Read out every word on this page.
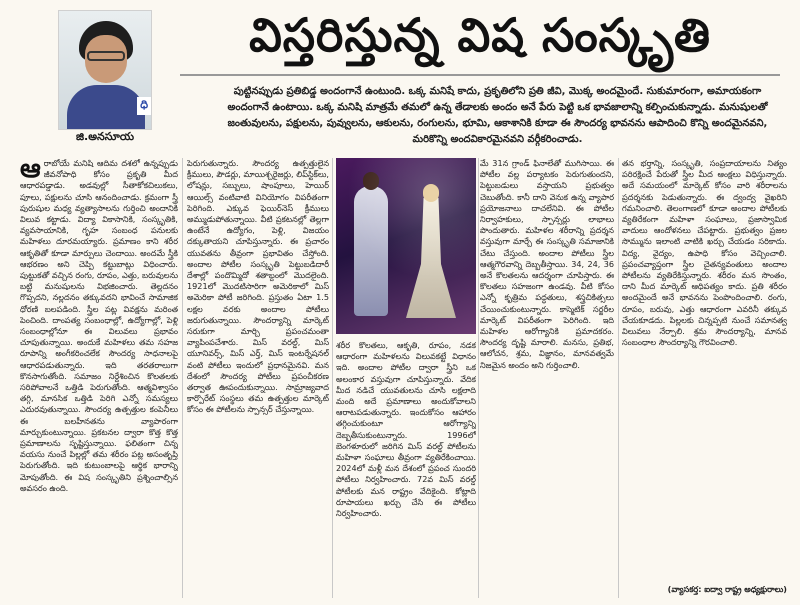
ధి
జి.అనసూయ
విస్తరిస్తున్న విష సంస్కృతి
పుట్టినప్పుడు ప్రతిబిడ్డ అందంగానే ఉంటుంది. ఒక్క మనిషే కాదు, ప్రకృతిలోని ప్రతి జీవి, మొక్క అందమైందే. సుకుమారంగా, అమాయకంగా అందంగానే ఉంటాయి. ఒక్క మనిషి మాత్రమే తమలో ఉన్న తేడాలకు అందం అనే పేరు పెట్టి ఒక భావజాలాన్ని కల్పించుకున్నాడు. మనుషులతో జంతువులను, పక్షులను, పువ్వులను, ఆకులను, రంగులను, భూమి, ఆకాశానికి కూడా ఈ సౌందర్య భావనను ఆపాదించి కొన్ని అందమైనవని, మరికొన్ని అందవికారమైనవని వర్గీకరించాడు.
ఆ రాబోయే మనిషి ఆదిమ దశలో ఉన్నప్పుడు జీవనోపాధి కోసం ప్రకృతి మీద ఆధారపడ్డాడు. అడవుల్లో సీతాకోకచిలుకలు, పూలు, పక్షులను చూసి ఆనందించాడు. క్రమంగా స్త్రీ పురుషుల మధ్య వ్యత్యాసాలను గుర్తించి అందానికి విలువ కట్టాడు. విద్యా వికాసానికి, సంస్కృతికి, వ్యవసాయానికి, గృహ సంబంధ పనులకు మహిళలు దూరమయ్యారు. ప్రమాణం కాని శరీర ఆకృతితో కూడా మార్పులు చెందాయి. అందమే స్త్రీకి ఆభరణం అని చెప్పి కట్టుబాట్లు విధించారు. పుట్టుకతో వచ్చిన రంగు, రూపం, ఎత్తు, బరువులను బట్టి మనుషులను విభజించారు. తెల్లదనం గొప్పదని, నల్లదనం తక్కువదని భావించే సామాజిక ధోరణి బలపడింది. స్త్రీల పట్ల వివక్షను మరింత పెంచింది. దాంపత్య సంబంధాల్లో, ఉద్యోగాల్లో, పెళ్లి సంబంధాల్లోనూ ఈ విలువలు ప్రభావం చూపుతున్నాయి. అందుకే మహిళలు తమ సహజ రూపాన్ని అంగీకరించలేక సౌందర్య సాధనాలపై ఆధారపడుతున్నారు. ఇది తరతరాలుగా కొనసాగుతోంది. సమాజం నిర్దేశించిన కొలతలకు సరిపోవాలనే ఒత్తిడి పెరుగుతోంది. ఆత్మవిశ్వాసం తగ్గి, మానసిక ఒత్తిడి పెరిగి ఎన్నో సమస్యలు ఎదురవుతున్నాయి. సౌందర్య ఉత్పత్తుల కంపెనీలు ఈ బలహీనతను వ్యాపారంగా మార్చుకుంటున్నాయి. ప్రకటనల ద్వారా కొత్త కొత్త ప్రమాణాలను సృష్టిస్తున్నాయి. ఫలితంగా చిన్న వయసు నుంచే పిల్లల్లో తమ శరీరం పట్ల అసంతృప్తి పెరుగుతోంది. ఇది కుటుంబాలపై ఆర్థిక భారాన్ని మోపుతోంది. ఈ విష సంస్కృతిని ప్రశ్నించాల్సిన అవసరం ఉంది.
పెరుగుతున్నారు. సౌందర్య ఉత్పత్తులైన క్రీములు, పౌడర్లు, మాయిశ్చరైజర్లు, లిప్‌స్టిక్‌లు, లోషన్లు, సబ్బులు, షాంపూలు, హెయిర్‌ ఆయిల్స్‌ వంటివాటి వినియోగం విపరీతంగా పెరిగింది. ఎక్కువ ఫెయిర్‌నెస్‌ క్రీములు అమ్ముడుపోతున్నాయి. వీటి ప్రకటనల్లో తెల్లగా ఉంటేనే ఉద్యోగం, పెళ్లి, విజయం దక్కుతాయని చూపిస్తున్నారు. ఈ ప్రచారం యువతను తీవ్రంగా ప్రభావితం చేస్తోంది. అందాల పోటీల సంస్కృతి పెట్టుబడిదారీ దేశాల్లో పందొమ్మిదో శతాబ్దంలో మొదలైంది. 1921లో మొదటిసారిగా అమెరికాలో మిస్‌ అమెరికా పోటీ జరిగింది. ప్రస్తుతం ఏటా 1.5 లక్షల వరకు అందాల పోటీలు జరుగుతున్నాయి. సౌందర్యాన్ని మార్కెట్‌ సరుకుగా మార్చి ప్రపంచమంతా వ్యాపింపచేశారు. మిస్‌ వరల్డ్‌, మిస్‌ యూనివర్స్‌, మిస్‌ ఎర్త్‌, మిస్‌ ఇంటర్నేషనల్‌ వంటి పోటీలు ఇందులో ప్రధానమైనవి. మన దేశంలో సౌందర్య పోటీలు ప్రపంచీకరణ తర్వాత ఊపందుకున్నాయి. సామ్రాజ్యవాద కార్పొరేట్‌ సంస్థలు తమ ఉత్పత్తుల మార్కెట్‌ కోసం ఈ పోటీలను స్పాన్సర్‌ చేస్తున్నాయి.
శరీర కొలతలు, ఆకృతి, రూపం, నడక ఆధారంగా మహిళలను విలువకట్టే విధానం ఇది. అందాల పోటీల ద్వారా స్త్రీని ఒక అలంకార వస్తువుగా చూపిస్తున్నారు. వేదిక మీద నడిచే యువతులను చూసి లక్షలాది మంది అదే ప్రమాణాలు అందుకోవాలని ఆరాటపడుతున్నారు. ఇందుకోసం ఆహారం తగ్గించుకుంటూ ఆరోగ్యాన్ని దెబ్బతీసుకుంటున్నారు. 1996లో బెంగళూరులో జరిగిన మిస్‌ వరల్డ్‌ పోటీలను మహిళా సంఘాలు తీవ్రంగా వ్యతిరేకించాయి. 2024లో మళ్లీ మన దేశంలో ప్రపంచ సుందరి పోటీలు నిర్వహించారు. 72వ మిస్‌ వరల్డ్‌ పోటీలకు మన రాష్ట్రం వేదికైంది. కోట్లాది రూపాయలు ఖర్చు చేసి ఈ పోటీలు నిర్వహించారు.
మే 31న గ్రాండ్‌ ఫినాలేతో ముగిసాయి. ఈ పోటీల వల్ల పర్యాటకం పెరుగుతుందని, పెట్టుబడులు వస్తాయని ప్రభుత్వం చెబుతోంది. కానీ దాని వెనుక ఉన్న వ్యాపార ప్రయోజనాలు దాచలేనివి. ఈ పోటీల నిర్వాహకులు, స్పాన్సర్లు లాభాలు పొందుతారు. మహిళల శరీరాన్ని ప్రదర్శన వస్తువుగా మార్చే ఈ సంస్కృతి సమాజానికి చేటు చేస్తుంది. అందాల పోటీలు స్త్రీల ఆత్మగౌరవాన్ని దెబ్బతీస్తాయి. 34, 24, 36 అనే కొలతలను ఆదర్శంగా చూపిస్తారు. ఈ కొలతలు సహజంగా ఉండవు. వీటి కోసం ఎన్నో కృత్రిమ పద్ధతులు, శస్త్రచికిత్సలు చేయించుకుంటున్నారు. కాస్మెటిక్‌ సర్జరీల మార్కెట్‌ విపరీతంగా పెరిగింది. ఇది మహిళల ఆరోగ్యానికి ప్రమాదకరం. సౌందర్య దృష్టి మారాలి. మనసు, ప్రతిభ, ఆలోచన, శ్రమ, విజ్ఞానం, మానవత్వమే నిజమైన అందం అని గుర్తించాలి.
తన భర్తాన్ని, సంస్కృతి, సంప్రదాయాలను నిత్యం పరిరక్షించే పేరుతో స్త్రీల మీద ఆంక్షలు విధిస్తున్నారు. అదే సమయంలో మార్కెట్‌ కోసం వారి శరీరాలను ప్రదర్శనకు పెడుతున్నారు. ఈ ద్వంద్వ వైఖరిని గమనించాలి. తెలంగాణలో కూడా అందాల పోటీలకు వ్యతిరేకంగా మహిళా సంఘాలు, ప్రజాస్వామిక వాదులు ఆందోళనలు చేపట్టారు. ప్రభుత్వం ప్రజల సొమ్మును ఇలాంటి వాటికి ఖర్చు చేయడం సరికాదు. విద్య, వైద్యం, ఉపాధి కోసం వెచ్చించాలి. ప్రపంచవ్యాప్తంగా స్త్రీల చైతన్యవంతులు అందాల పోటీలను వ్యతిరేకిస్తున్నారు. శరీరం మన సొంతం, దాని మీద మార్కెట్‌ ఆధిపత్యం కాదు. ప్రతి శరీరం అందమైందే అనే భావనను పెంపొందించాలి. రంగు, రూపం, బరువు, ఎత్తు ఆధారంగా ఎవరినీ తక్కువ చేయకూడదు. పిల్లలకు చిన్నప్పటి నుంచే సమానత్వ విలువలు నేర్పాలి. శ్రమ సౌందర్యాన్ని, మానవ సంబంధాల సౌందర్యాన్ని గౌరవించాలి.
(వ్యాసకర్త: ఐద్వా రాష్ట్ర అధ్యక్షురాలు)
